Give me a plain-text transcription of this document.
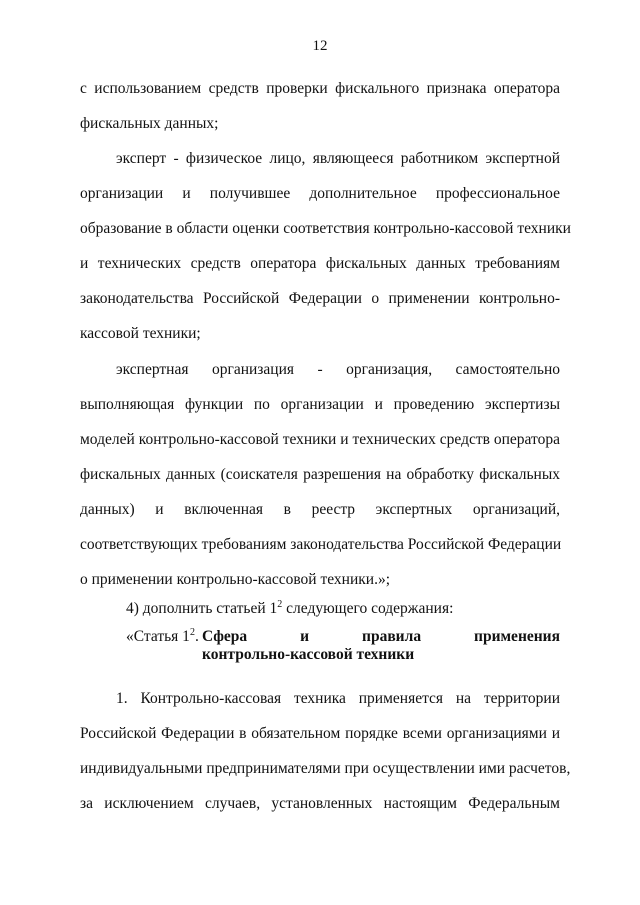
12
с использованием средств проверки фискального признака оператора
фискальных данных;
эксперт - физическое лицо, являющееся работником экспертной
организации и получившее дополнительное профессиональное
образование в области оценки соответствия контрольно-кассовой техники
и технических средств оператора фискальных данных требованиям
законодательства Российской Федерации о применении контрольно-
кассовой техники;
экспертная организация - организация, самостоятельно
выполняющая функции по организации и проведению экспертизы
моделей контрольно-кассовой техники и технических средств оператора
фискальных данных (соискателя разрешения на обработку фискальных
данных) и включенная в реестр экспертных организаций,
соответствующих требованиям законодательства Российской Федерации
о применении контрольно-кассовой техники.»;
4) дополнить статьей $1^2$ следующего содержания:
«Статья $1^2$. Сфера и правила применения
контрольно-кассовой техники
1. Контрольно-кассовая техника применяется на территории
Российской Федерации в обязательном порядке всеми организациями и
индивидуальными предпринимателями при осуществлении ими расчетов,
за исключением случаев, установленных настоящим Федеральным
